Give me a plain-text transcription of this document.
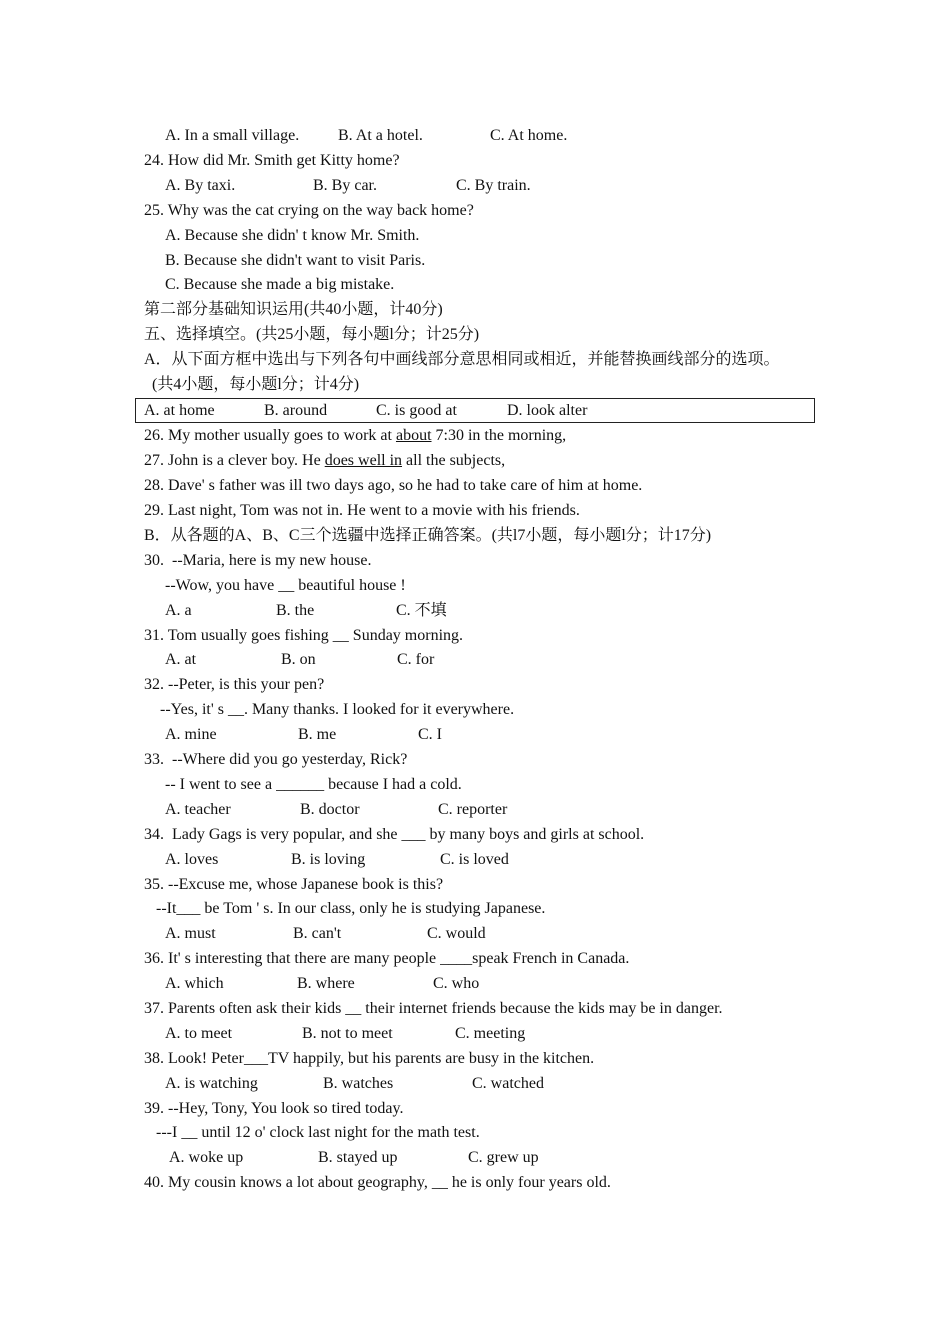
A. In a small village. B. At a hotel.	C. At home.
24. How did Mr. Smith get Kitty home?
A. By taxi.	B. By car.	C. By train.
25. Why was the cat crying on the way back home?
A. Because she didn' t know Mr. Smith.
B. Because she didn't want to visit Paris.
C. Because she made a big mistake.
第二部分基础知识运用(共40小题，计40分)
五、选择填空。(共25小题，每小题l分；计25分)
A．从下面方框中选出与下列各句中画线部分意思相同或相近，并能替换画线部分的选项。
(共4小题，每小题l分；计4分)
A. at home	B. around	C. is good at	D. look alter
26. My mother usually goes to work at about 7:30 in the morning,
27. John is a clever boy. He does well in all the subjects,
28. Dave' s father was ill two days ago, so he had to take care of him at home.
29. Last night, Tom was not in. He went to a movie with his friends.
B．从各题的A、B、C三个选疆中选择正确答案。(共l7小题，每小题l分；计17分)
30.  --Maria, here is my new house.
--Wow, you have __ beautiful house !
A. a	B. the	C. 不填
31. Tom usually goes fishing __ Sunday morning.
A. at	B. on	C. for
32. --Peter, is this your pen?
--Yes, it' s __. Many thanks. I looked for it everywhere.
A. mine	B. me	C. I
33.  --Where did you go yesterday, Rick?
-- I went to see a ______ because I had a cold.
A. teacher	B. doctor	C. reporter
34.  Lady Gags is very popular, and she ___ by many boys and girls at school.
A. loves	B. is loving	C. is loved
35. --Excuse me, whose Japanese book is this?
--It___ be Tom ' s. In our class, only he is studying Japanese.
A. must	B. can't	C. would
36. It' s interesting that there are many people ____speak French in Canada.
A. which	B. where	C. who
37. Parents often ask their kids __ their internet friends because the kids may be in danger.
A. to meet	B. not to meet	C. meeting
38. Look! Peter___TV happily, but his parents are busy in the kitchen.
A. is watching	B. watches	C. watched
39. --Hey, Tony, You look so tired today.
---I __ until 12 o' clock last night for the math test.
A. woke up	B. stayed up	C. grew up
40. My cousin knows a lot about geography, __ he is only four years old.
